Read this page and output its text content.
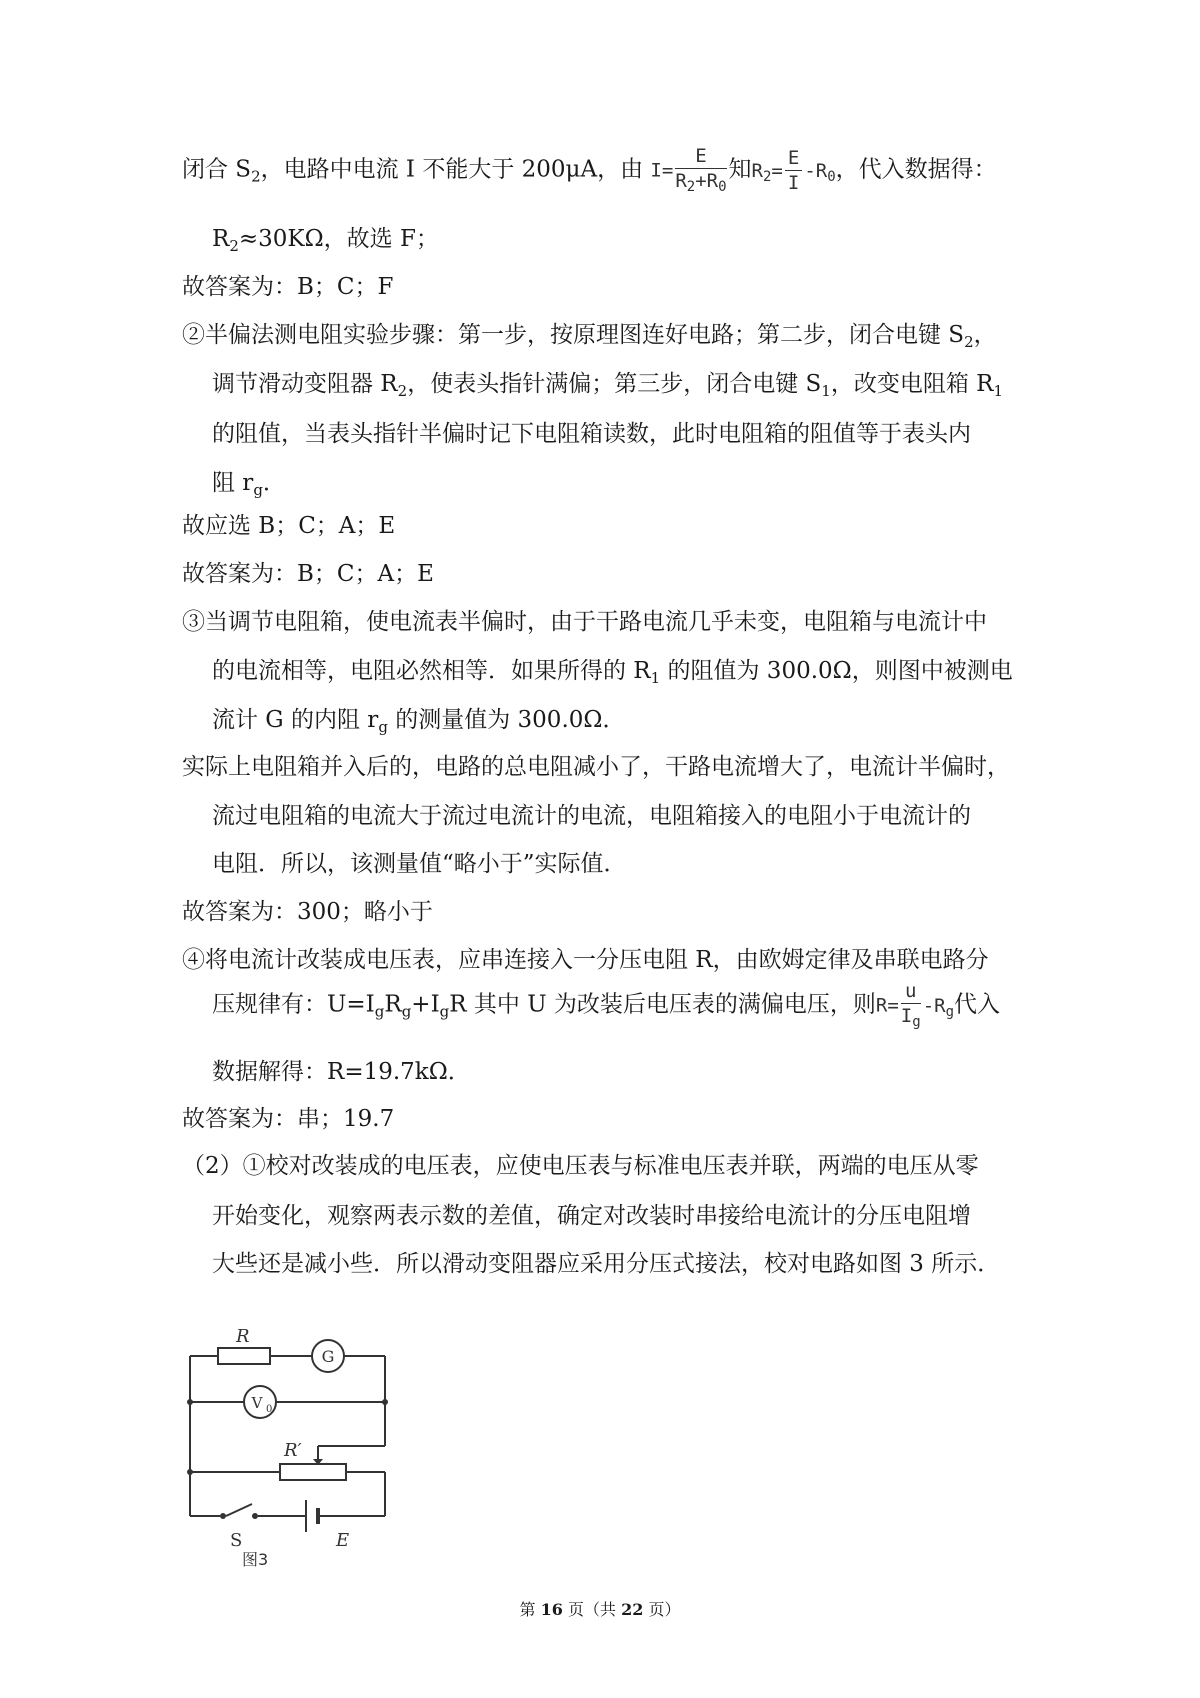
闭合 $S_2$，电路中电流 I 不能大于 200μA，由 $I= \frac{E}{R_2+R_0}$ 知$R_2= \frac{E}{I} -R_0$，代入数据得：
$R_2\approx 30K\Omega$，故选 F；
故答案为：B；C；F
②半偏法测电阻实验步骤：第一步，按原理图连好电路；第二步，闭合电键 $S_2$，
调节滑动变阻器 $R_2$，使表头指针满偏；第三步，闭合电键 $S_1$，改变电阻箱 $R_1$
的阻值，当表头指针半偏时记下电阻箱读数，此时电阻箱的阻值等于表头内
阻 $r_g$．
故应选 B；C；A；E
故答案为：B；C；A；E
③当调节电阻箱，使电流表半偏时，由于干路电流几乎未变，电阻箱与电流计中
的电流相等，电阻必然相等．如果所得的 $R_1$ 的阻值为 300.0Ω，则图中被测电
流计 G 的内阻 $r_g$ 的测量值为 300.0Ω．
实际上电阻箱并入后的，电路的总电阻减小了，干路电流增大了，电流计半偏时，
流过电阻箱的电流大于流过电流计的电流，电阻箱接入的电阻小于电流计的
电阻．所以，该测量值“略小于”实际值．
故答案为：300；略小于
④将电流计改装成电压表，应串连接入一分压电阻 R，由欧姆定律及串联电路分
压规律有：$U=I_gR_g+I_gR$ 其中 U 为改装后电压表的满偏电压，则$R= \frac{u}{I_g} -R_g$代入
数据解得：R=19.7kΩ．
故答案为：串；19.7
（2）①校对改装成的电压表，应使电压表与标准电压表并联，两端的电压从零
开始变化，观察两表示数的差值，确定对改装时串接给电流计的分压电阻增
大些还是减小些．所以滑动变阻器应采用分压式接法，校对电路如图 3 所示．
R
G
V 0
R′
S	E
图3
第 16 页（共 22 页）
